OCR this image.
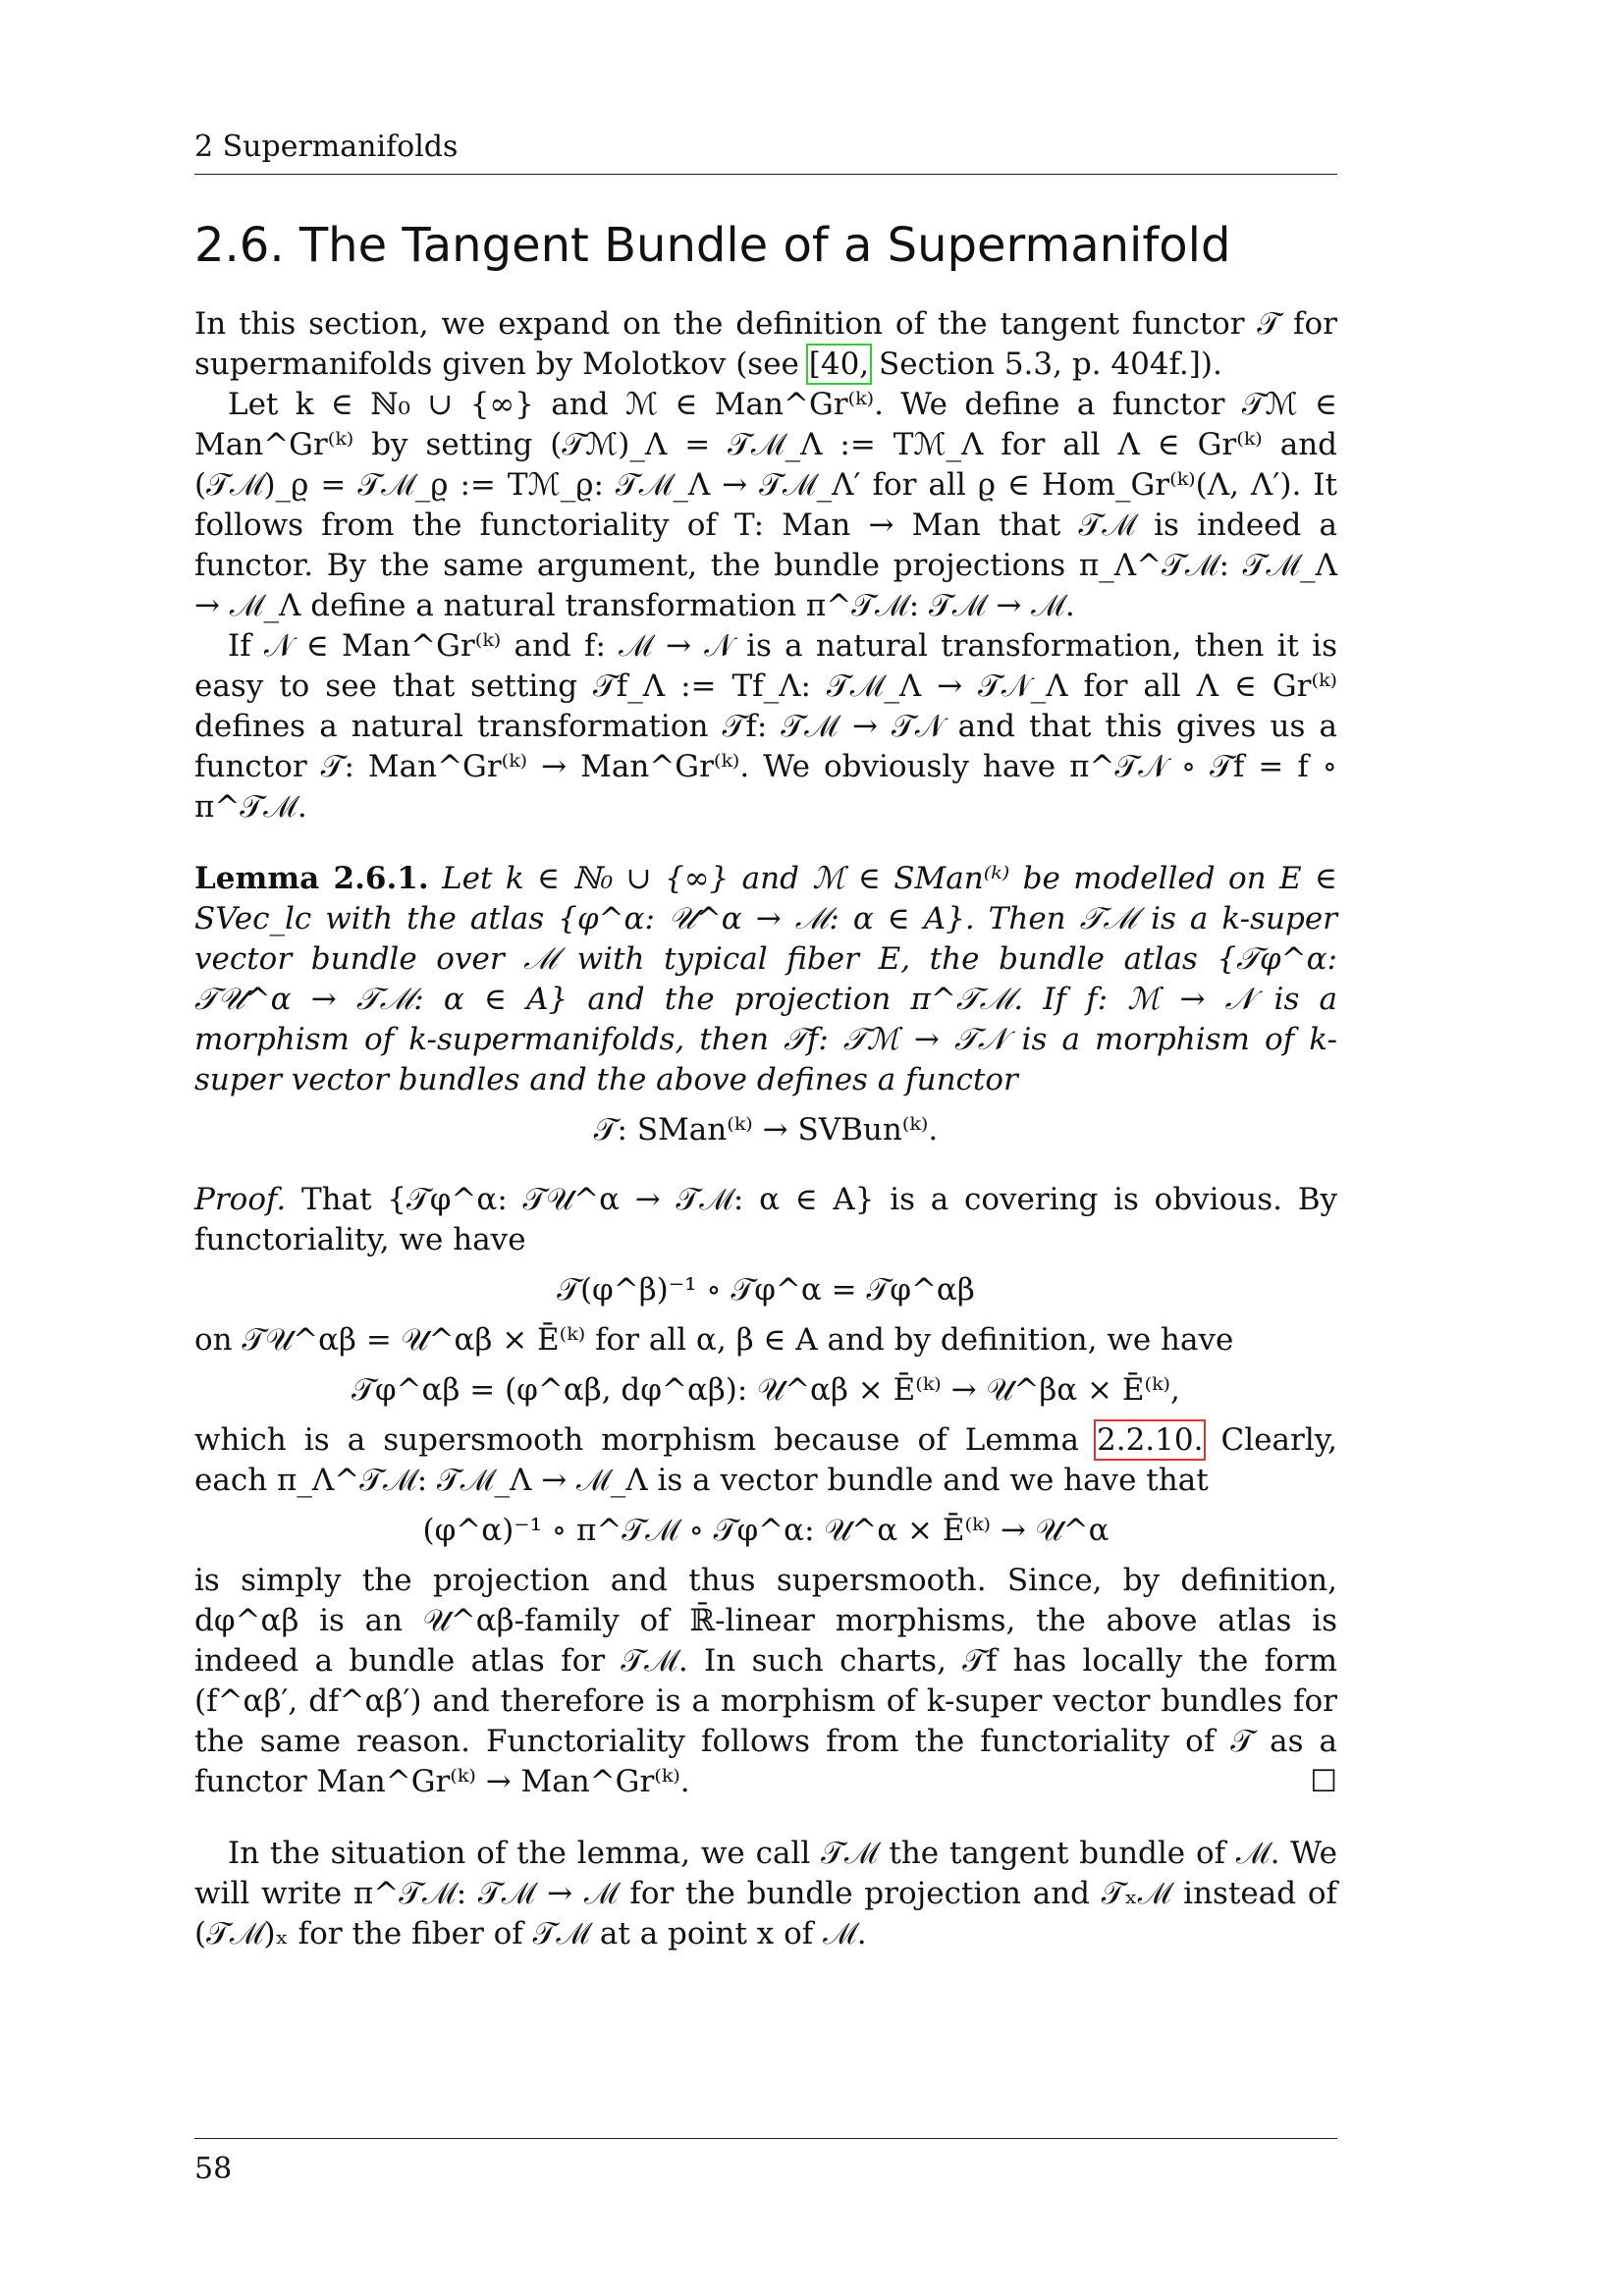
2 Supermanifolds
2.6. The Tangent Bundle of a Supermanifold

In this section, we expand on the definition of the tangent functor 𝒯 for supermanifolds given by Molotkov (see [40, Section 5.3, p. 404f.]).

Let k ∈ ℕ₀ ∪ {∞} and ℳ ∈ Man^Gr⁽ᵏ⁾. We define a functor 𝒯ℳ ∈ Man^Gr⁽ᵏ⁾ by setting (𝒯ℳ)_Λ = 𝒯ℳ_Λ := Tℳ_Λ for all Λ ∈ Gr⁽ᵏ⁾ and (𝒯ℳ)_ϱ = 𝒯ℳ_ϱ := Tℳ_ϱ: 𝒯ℳ_Λ → 𝒯ℳ_Λ′ for all ϱ ∈ Hom_Gr⁽ᵏ⁾(Λ, Λ′). It follows from the functoriality of T: Man → Man that 𝒯ℳ is indeed a functor. By the same argument, the bundle projections π_Λ^𝒯ℳ: 𝒯ℳ_Λ → ℳ_Λ define a natural transformation π^𝒯ℳ: 𝒯ℳ → ℳ.

If 𝒩 ∈ Man^Gr⁽ᵏ⁾ and f: ℳ → 𝒩 is a natural transformation, then it is easy to see that setting 𝒯f_Λ := Tf_Λ: 𝒯ℳ_Λ → 𝒯𝒩_Λ for all Λ ∈ Gr⁽ᵏ⁾ defines a natural transformation 𝒯f: 𝒯ℳ → 𝒯𝒩 and that this gives us a functor 𝒯: Man^Gr⁽ᵏ⁾ → Man^Gr⁽ᵏ⁾. We obviously have π^𝒯𝒩 ∘ 𝒯f = f ∘ π^𝒯ℳ.

Lemma 2.6.1. Let k ∈ ℕ₀ ∪ {∞} and ℳ ∈ SMan⁽ᵏ⁾ be modelled on E ∈ SVec_lc with the atlas {φ^α: 𝒰^α → ℳ: α ∈ A}. Then 𝒯ℳ is a k-super vector bundle over ℳ with typical fiber E, the bundle atlas {𝒯φ^α: 𝒯𝒰^α → 𝒯ℳ: α ∈ A} and the projection π^𝒯ℳ. If f: ℳ → 𝒩 is a morphism of k-supermanifolds, then 𝒯f: 𝒯ℳ → 𝒯𝒩 is a morphism of k-super vector bundles and the above defines a functor

𝒯: SMan⁽ᵏ⁾ → SVBun⁽ᵏ⁾.

Proof. That {𝒯φ^α: 𝒯𝒰^α → 𝒯ℳ: α ∈ A} is a covering is obvious. By functoriality, we have

𝒯(φ^β)⁻¹ ∘ 𝒯φ^α = 𝒯φ^αβ

on 𝒯𝒰^αβ = 𝒰^αβ × Ē⁽ᵏ⁾ for all α, β ∈ A and by definition, we have

𝒯φ^αβ = (φ^αβ, dφ^αβ): 𝒰^αβ × Ē⁽ᵏ⁾ → 𝒰^βα × Ē⁽ᵏ⁾,

which is a supersmooth morphism because of Lemma 2.2.10. Clearly, each π_Λ^𝒯ℳ: 𝒯ℳ_Λ → ℳ_Λ is a vector bundle and we have that

(φ^α)⁻¹ ∘ π^𝒯ℳ ∘ 𝒯φ^α: 𝒰^α × Ē⁽ᵏ⁾ → 𝒰^α

is simply the projection and thus supersmooth. Since, by definition, dφ^αβ is an 𝒰^αβ-family of ℝ̄-linear morphisms, the above atlas is indeed a bundle atlas for 𝒯ℳ. In such charts, 𝒯f has locally the form (f^αβ′, df^αβ′) and therefore is a morphism of k-super vector bundles for the same reason. Functoriality follows from the functoriality of 𝒯 as a functor Man^Gr⁽ᵏ⁾ → Man^Gr⁽ᵏ⁾.	☐

In the situation of the lemma, we call 𝒯ℳ the tangent bundle of ℳ. We will write π^𝒯ℳ: 𝒯ℳ → ℳ for the bundle projection and 𝒯ₓℳ instead of (𝒯ℳ)ₓ for the fiber of 𝒯ℳ at a point x of ℳ.

58
